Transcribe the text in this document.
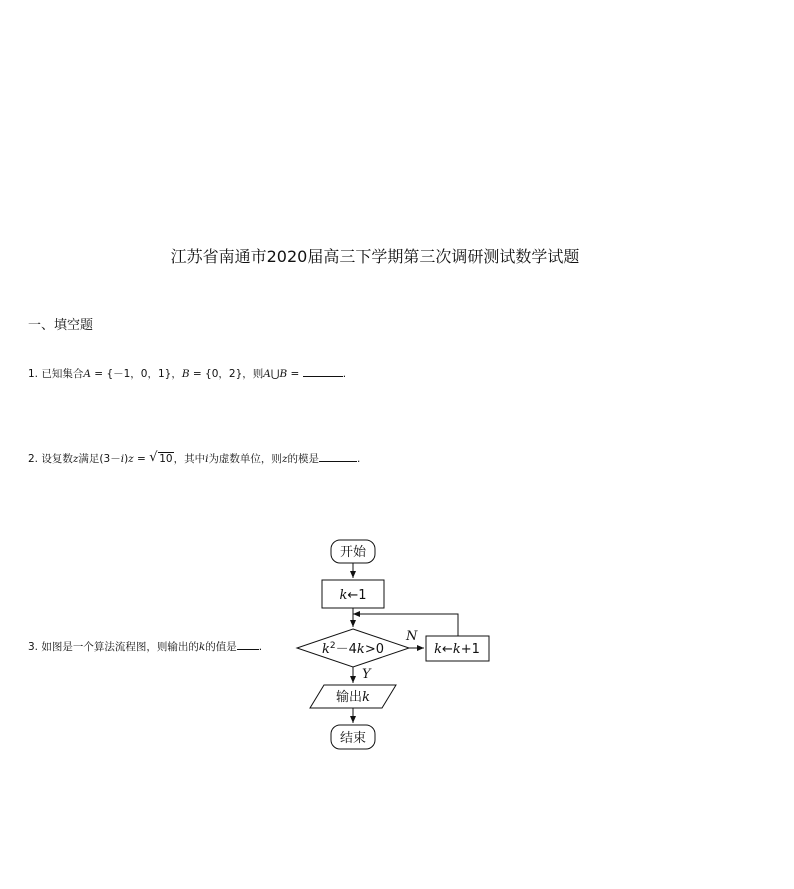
江苏省南通市2020届高三下学期第三次调研测试数学试题
一、填空题
1. 已知集合A = {－1，0，1}，B = {0，2}，则A⋃B =	.
2. 设复数z满足(3－i)z = √ 10，其中i为虚数单位，则z的模是	.
3. 如图是一个算法流程图，则输出的k的值是 .
开始
k←1
$k^2-4k>0$
N
k←k+1
Y
输出k
结束
